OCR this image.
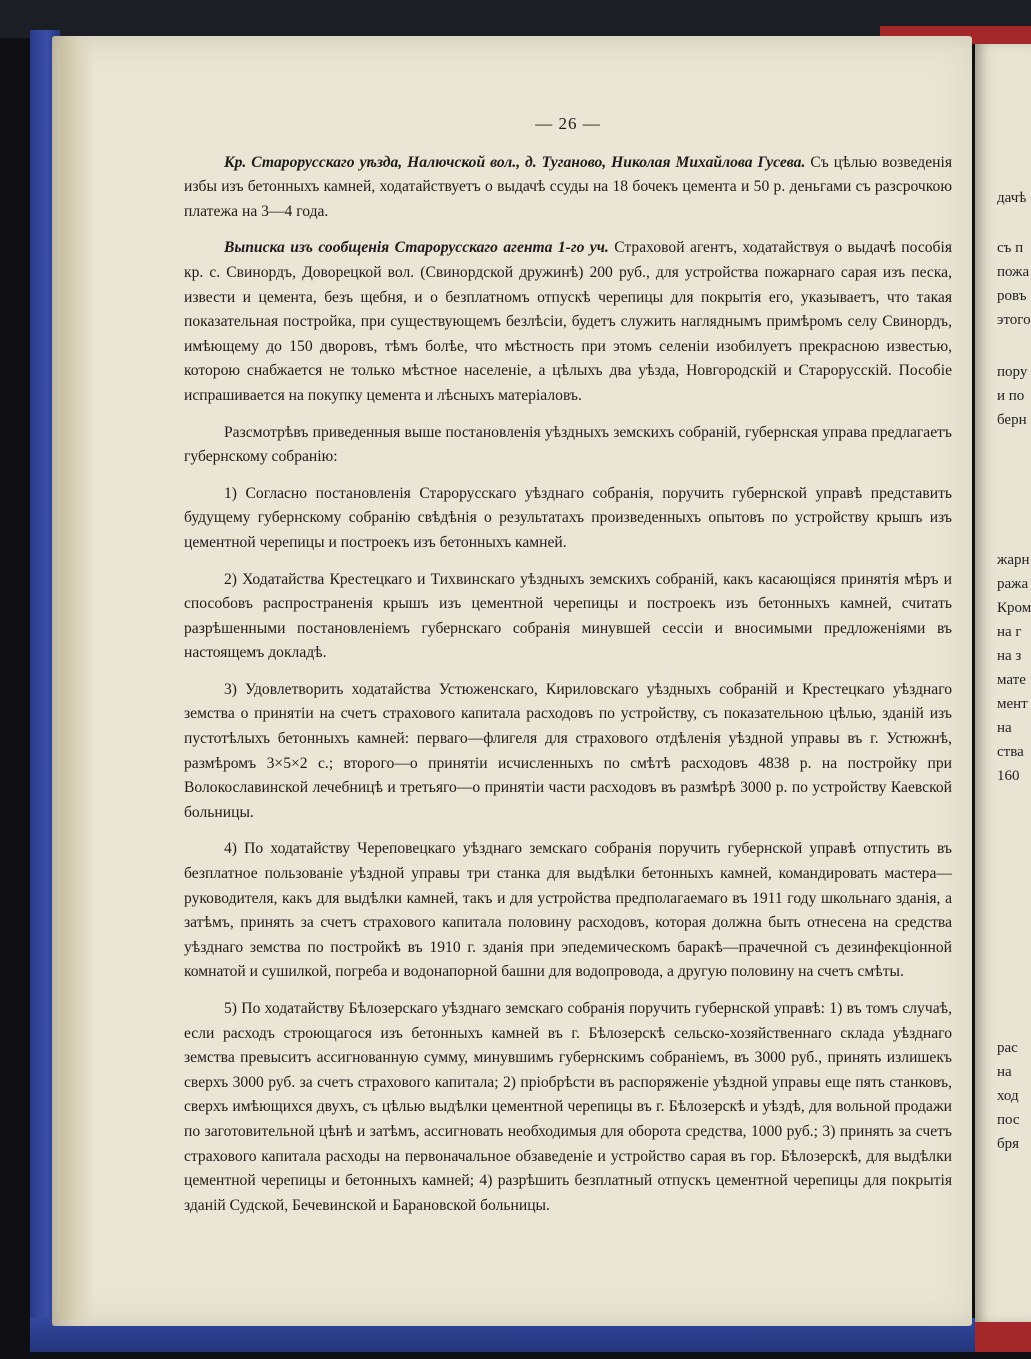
дачѣ
съ п
пожа
ровъ
этого
пору
и по
берн
жарн
ража
Кром
на г
на з
мате
мент
на
ства
160
рас
на
ход
пос
бря
— 26 —

Кр. Старорусскаго уѣзда, Налючской вол., д. Туганово, Николая Михайлова Гусева. Съ цѣлью возведенія избы изъ бетонныхъ камней, ходатайствуетъ о выдачѣ ссуды на 18 бочекъ цемента и 50 р. деньгами съ разсрочкою платежа на 3—4 года.

Выписка изъ сообщенія Старорусскаго агента 1-го уч. Страховой агентъ, ходатайствуя о выдачѣ пособія кр. с. Свинордъ, Доворецкой вол. (Свинордской дружинѣ) 200 руб., для устройства пожарнаго сарая изъ песка, извести и цемента, безъ щебня, и о безплатномъ отпускѣ черепицы для покрытія его, указываетъ, что такая показательная постройка, при существующемъ безлѣсіи, будетъ служить нагляднымъ примѣромъ селу Свинордъ, имѣющему до 150 дворовъ, тѣмъ болѣе, что мѣстность при этомъ селеніи изобилуетъ прекрасною известью, которою снабжается не только мѣстное населеніе, а цѣлыхъ два уѣзда, Новгородскій и Старорусскій. Пособіе испрашивается на покупку цемента и лѣсныхъ матеріаловъ.

Разсмотрѣвъ приведенныя выше постановленія уѣздныхъ земскихъ собраній, губернская управа предлагаетъ губернскому собранію:

1) Согласно постановленія Старорусскаго уѣзднаго собранія, поручить губернской управѣ представить будущему губернскому собранію свѣдѣнія о результатахъ произведенныхъ опытовъ по устройству крышъ изъ цементной черепицы и построекъ изъ бетонныхъ камней.

2) Ходатайства Крестецкаго и Тихвинскаго уѣздныхъ земскихъ собраній, какъ касающіяся принятія мѣръ и способовъ распространенія крышъ изъ цементной черепицы и построекъ изъ бетонныхъ камней, считать разрѣшенными постановленіемъ губернскаго собранія минувшей сессіи и вносимыми предложеніями въ настоящемъ докладѣ.

3) Удовлетворить ходатайства Устюженскаго, Кириловскаго уѣздныхъ собраній и Крестецкаго уѣзднаго земства о принятіи на счетъ страхового капитала расходовъ по устройству, съ показательною цѣлью, зданій изъ пустотѣлыхъ бетонныхъ камней: перваго—флигеля для страхового отдѣленія уѣздной управы въ г. Устюжнѣ, размѣромъ 3×5×2 с.; второго—о принятіи исчисленныхъ по смѣтѣ расходовъ 4838 р. на постройку при Волокославинской лечебницѣ и третьяго—о принятіи части расходовъ въ размѣрѣ 3000 р. по устройству Каевской больницы.

4) По ходатайству Череповецкаго уѣзднаго земскаго собранія поручить губернской управѣ отпустить въ безплатное пользованіе уѣздной управы три станка для выдѣлки бетонныхъ камней, командировать мастера—руководителя, какъ для выдѣлки камней, такъ и для устройства предполагаемаго въ 1911 году школьнаго зданія, а затѣмъ, принять за счетъ страхового капитала половину расходовъ, которая должна быть отнесена на средства уѣзднаго земства по постройкѣ въ 1910 г. зданія при эпедемическомъ баракѣ—прачечной съ дезинфекціонной комнатой и сушилкой, погреба и водонапорной башни для водопровода, а другую половину на счетъ смѣты.

5) По ходатайству Бѣлозерскаго уѣзднаго земскаго собранія поручить губернской управѣ: 1) въ томъ случаѣ, если расходъ строющагося изъ бетонныхъ камней въ г. Бѣлозерскѣ сельско-хозяйственнаго склада уѣзднаго земства превыситъ ассигнованную сумму, минувшимъ губернскимъ собраніемъ, въ 3000 руб., принять излишекъ сверхъ 3000 руб. за счетъ страхового капитала; 2) пріобрѣсти въ распоряженіе уѣздной управы еще пять станковъ, сверхъ имѣющихся двухъ, съ цѣлью выдѣлки цементной черепицы въ г. Бѣлозерскѣ и уѣздѣ, для вольной продажи по заготовительной цѣнѣ и затѣмъ, ассигновать необходимыя для оборота средства, 1000 руб.; 3) принять за счетъ страхового капитала расходы на первоначальное обзаведеніе и устройство сарая въ гор. Бѣлозерскѣ, для выдѣлки цементной черепицы и бетонныхъ камней; 4) разрѣшить безплатный отпускъ цементной черепицы для покрытія зданій Судской, Бечевинской и Барановской больницы.
